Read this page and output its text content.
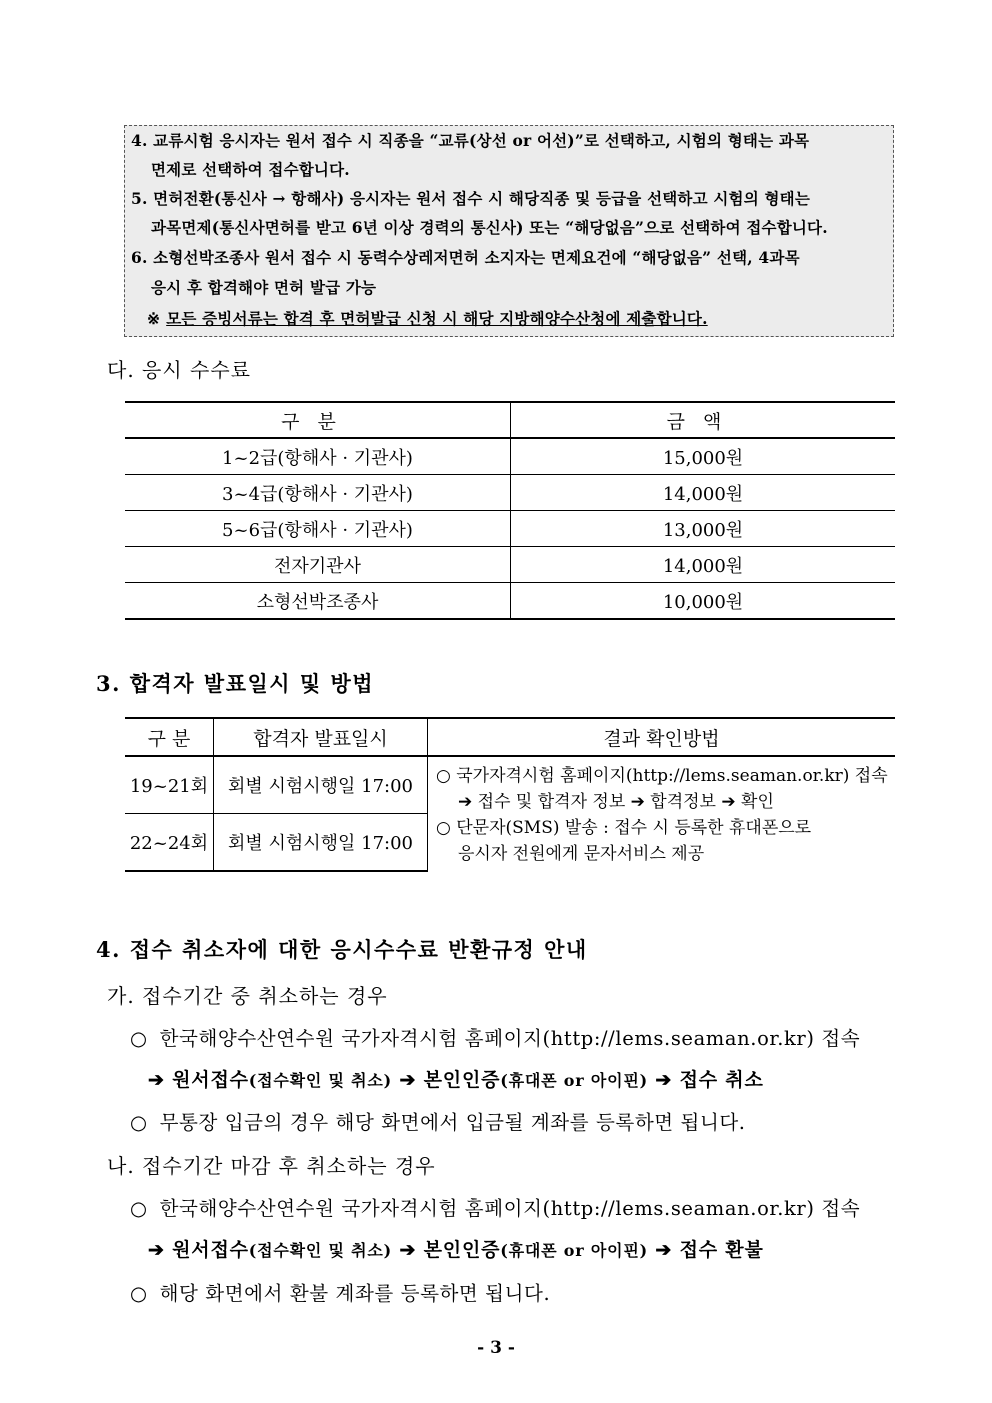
4. 교류시험 응시자는 원서 접수 시 직종을 “교류(상선 or 어선)”로 선택하고, 시험의 형태는 과목
면제로 선택하여 접수합니다.
5. 면허전환(통신사 → 항해사) 응시자는 원서 접수 시 해당직종 및 등급을 선택하고 시험의 형태는
과목면제(통신사면허를 받고 6년 이상 경력의 통신사) 또는 “해당없음”으로 선택하여 접수합니다.
6. 소형선박조종사 원서 접수 시 동력수상레저면허 소지자는 면제요건에 “해당없음” 선택, 4과목
응시 후 합격해야 면허 발급 가능
※ 모든 증빙서류는 합격 후 면허발급 신청 시 해당 지방해양수산청에 제출합니다.
다. 응시 수수료
구분	금액
1~2급(항해사 · 기관사)	15,000원
3~4급(항해사 · 기관사)	14,000원
5~6급(항해사 · 기관사)	13,000원
전자기관사	14,000원
소형선박조종사	10,000원
3. 합격자 발표일시 및 방법
구 분	합격자 발표일시	결과 확인방법
19~21회	회별 시험시행일 17:00	○ 국가자격시험 홈페이지(http://lems.seaman.or.kr) 접속
➔ 접수 및 합격자 정보 ➔ 합격정보 ➔ 확인
○ 단문자(SMS) 발송 : 접수 시 등록한 휴대폰으로
응시자 전원에게 문자서비스 제공

22~24회	회별 시험시행일 17:00	
4. 접수 취소자에 대한 응시수수료 반환규정 안내
가. 접수기간 중 취소하는 경우
○ 한국해양수산연수원 국가자격시험 홈페이지(http://lems.seaman.or.kr) 접속
➔ 원서접수(접수확인 및 취소) ➔ 본인인증(휴대폰 or 아이핀) ➔ 접수 취소
○ 무통장 입금의 경우 해당 화면에서 입금될 계좌를 등록하면 됩니다.
나. 접수기간 마감 후 취소하는 경우
○ 한국해양수산연수원 국가자격시험 홈페이지(http://lems.seaman.or.kr) 접속
➔ 원서접수(접수확인 및 취소) ➔ 본인인증(휴대폰 or 아이핀) ➔ 접수 환불
○ 해당 화면에서 환불 계좌를 등록하면 됩니다.
- 3 -
